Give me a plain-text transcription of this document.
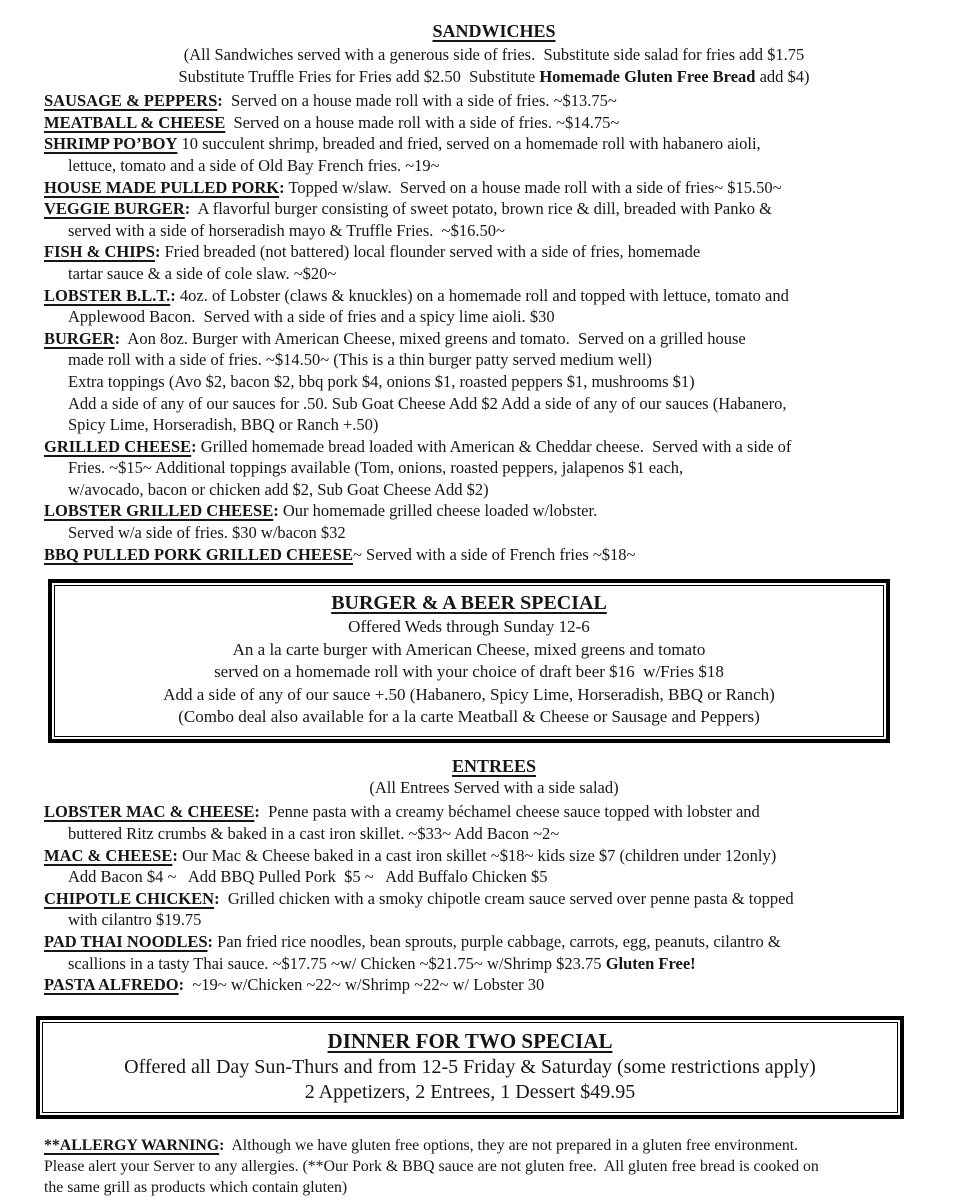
SANDWICHES

(All Sandwiches served with a generous side of fries.  Substitute side salad for fries add $1.75
Substitute Truffle Fries for Fries add $2.50  Substitute Homemade Gluten Free Bread add $4)

SAUSAGE & PEPPERS:  Served on a house made roll with a side of fries. ~$13.75~

MEATBALL & CHEESE  Served on a house made roll with a side of fries. ~$14.75~

SHRIMP PO’BOY 10 succulent shrimp, breaded and fried, served on a homemade roll with habanero aioli,
lettuce, tomato and a side of Old Bay French fries. ~19~

HOUSE MADE PULLED PORK: Topped w/slaw.  Served on a house made roll with a side of fries~ $15.50~

VEGGIE BURGER:  A flavorful burger consisting of sweet potato, brown rice & dill, breaded with Panko &
served with a side of horseradish mayo & Truffle Fries.  ~$16.50~

FISH & CHIPS: Fried breaded (not battered) local flounder served with a side of fries, homemade
tartar sauce & a side of cole slaw. ~$20~

LOBSTER B.L.T.: 4oz. of Lobster (claws & knuckles) on a homemade roll and topped with lettuce, tomato and
Applewood Bacon.  Served with a side of fries and a spicy lime aioli. $30

BURGER:  Aon 8oz. Burger with American Cheese, mixed greens and tomato.  Served on a grilled house
made roll with a side of fries. ~$14.50~ (This is a thin burger patty served medium well)
Extra toppings (Avo $2, bacon $2, bbq pork $4, onions $1, roasted peppers $1, mushrooms $1)
Add a side of any of our sauces for .50. Sub Goat Cheese Add $2 Add a side of any of our sauces (Habanero,
Spicy Lime, Horseradish, BBQ or Ranch +.50)

GRILLED CHEESE: Grilled homemade bread loaded with American & Cheddar cheese.  Served with a side of
Fries. ~$15~ Additional toppings available (Tom, onions, roasted peppers, jalapenos $1 each,
w/avocado, bacon or chicken add $2, Sub Goat Cheese Add $2)

LOBSTER GRILLED CHEESE: Our homemade grilled cheese loaded w/lobster.
Served w/a side of fries. $30 w/bacon $32

BBQ PULLED PORK GRILLED CHEESE~ Served with a side of French fries ~$18~

BURGER & A BEER SPECIAL
Offered Weds through Sunday 12-6
An a la carte burger with American Cheese, mixed greens and tomato
served on a homemade roll with your choice of draft beer $16  w/Fries $18
Add a side of any of our sauce +.50 (Habanero, Spicy Lime, Horseradish, BBQ or Ranch)
(Combo deal also available for a la carte Meatball & Cheese or Sausage and Peppers)
ENTREES

(All Entrees Served with a side salad)

LOBSTER MAC & CHEESE:  Penne pasta with a creamy béchamel cheese sauce topped with lobster and
buttered Ritz crumbs & baked in a cast iron skillet. ~$33~ Add Bacon ~2~

MAC & CHEESE: Our Mac & Cheese baked in a cast iron skillet ~$18~ kids size $7 (children under 12only)
Add Bacon $4 ~   Add BBQ Pulled Pork  $5 ~   Add Buffalo Chicken $5

CHIPOTLE CHICKEN:  Grilled chicken with a smoky chipotle cream sauce served over penne pasta & topped
with cilantro $19.75

PAD THAI NOODLES: Pan fried rice noodles, bean sprouts, purple cabbage, carrots, egg, peanuts, cilantro &
scallions in a tasty Thai sauce. ~$17.75 ~w/ Chicken ~$21.75~ w/Shrimp $23.75 Gluten Free!

PASTA ALFREDO:  ~19~ w/Chicken ~22~ w/Shrimp ~22~ w/ Lobster 30

DINNER FOR TWO SPECIAL
Offered all Day Sun-Thurs and from 12-5 Friday & Saturday (some restrictions apply)
2 Appetizers, 2 Entrees, 1 Dessert $49.95

**ALLERGY WARNING:  Although we have gluten free options, they are not prepared in a gluten free environment.
Please alert your Server to any allergies. (**Our Pork & BBQ sauce are not gluten free.  All gluten free bread is cooked on
the same grill as products which contain gluten)
